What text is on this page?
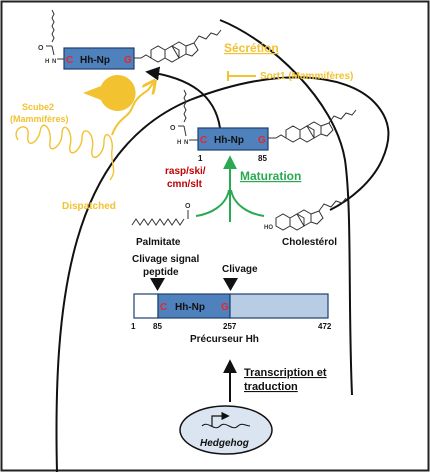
O
N
H C Hh-Np G
Sécrétion
Sort1 (Mammifères)
Scube2
(Mammifères)
Dispatched
O
N
H C Hh-Np G
1	85
rasp/ski/
cmn/slt
Maturation
O
Palmitate
HO
Cholestérol
Clivage signal
peptide	Clivage
C Hh-Np G
1 85	257	472
Précurseur Hh
Transcription et
traduction
Hedgehog
